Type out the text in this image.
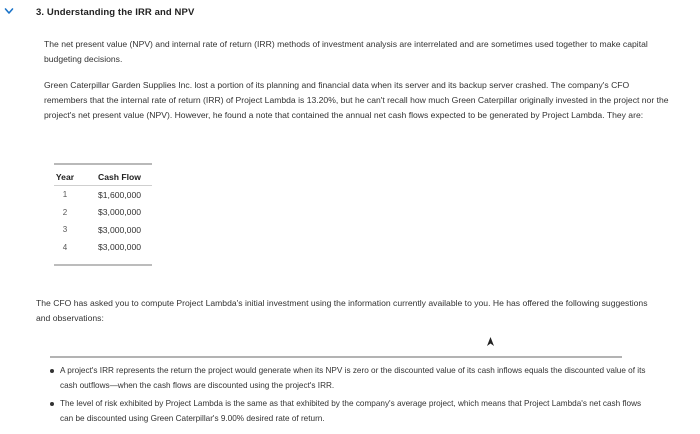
3. Understanding the IRR and NPV

The net present value (NPV) and internal rate of return (IRR) methods of investment analysis are interrelated and are sometimes used together to make capital budgeting decisions.

Green Caterpillar Garden Supplies Inc. lost a portion of its planning and financial data when its server and its backup server crashed. The company's CFO remembers that the internal rate of return (IRR) of Project Lambda is 13.20%, but he can't recall how much Green Caterpillar originally invested in the project nor the project's net present value (NPV). However, he found a note that contained the annual net cash flows expected to be generated by Project Lambda. They are:

Year	Cash Flow
1	$1,600,000
2	$3,000,000
3	$3,000,000
4	$3,000,000

The CFO has asked you to compute Project Lambda's initial investment using the information currently available to you. He has offered the following suggestions and observations:

A project's IRR represents the return the project would generate when its NPV is zero or the discounted value of its cash inflows equals the discounted value of its cash outflows—when the cash flows are discounted using the project's IRR.
The level of risk exhibited by Project Lambda is the same as that exhibited by the company's average project, which means that Project Lambda's net cash flows can be discounted using Green Caterpillar's 9.00% desired rate of return.
